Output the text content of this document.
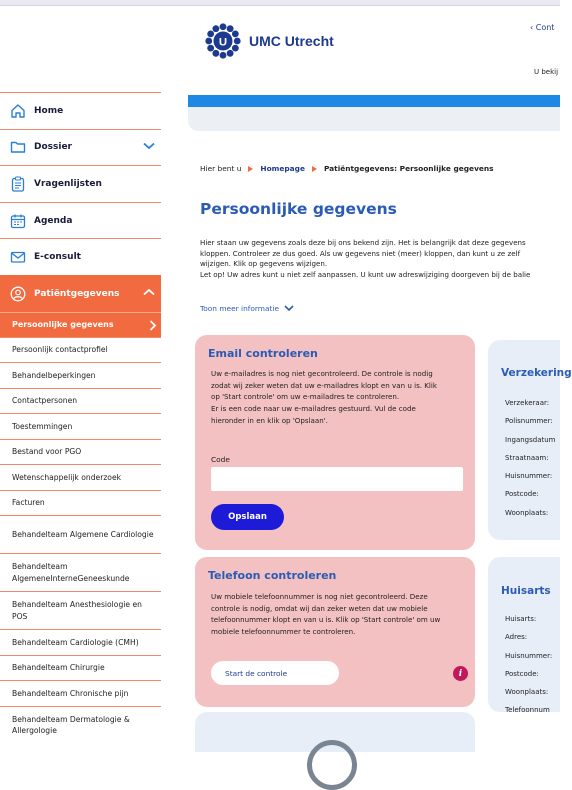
U UMC Utrecht
‹ Cont
U bekij
Home
Dossier
Vragenlijsten
Agenda
E-consult
Patiëntgegevens
Persoonlijke gegevens
Persoonlijk contactprofiel
Behandelbeperkingen
Contactpersonen
Toestemmingen
Bestand voor PGO
Wetenschappelijk onderzoek
Facturen
Behandelteam Algemene Cardiologie
Behandelteam AlgemeneInterneGeneeskunde
Behandelteam Anesthesiologie en POS
Behandelteam Cardiologie (CMH)
Behandelteam Chirurgie
Behandelteam Chronische pijn
Behandelteam Dermatologie & Allergologie
Hier bent u	Homepage	Patiëntgegevens: Persoonlijke gegevens
Persoonlijke gegevens

Hier staan uw gegevens zoals deze bij ons bekend zijn. Het is belangrijk dat deze gegevens

kloppen. Controleer ze dus goed. Als uw gegevens niet (meer) kloppen, dan kunt u ze zelf

wijzigen. Klik op gegevens wijzigen.

Let op! Uw adres kunt u niet zelf aanpassen. U kunt uw adreswijziging doorgeven bij de balie

Toon meer informatie
Email controleren
Uw e-mailadres is nog niet gecontroleerd. De controle is nodig
zodat wij zeker weten dat uw e-mailadres klopt en van u is. Klik
op 'Start controle' om uw e-mailadres te controleren.
Er is een code naar uw e-mailadres gestuurd. Vul de code
hieronder in en klik op 'Opslaan'.
Code
Opslaan
Telefoon controleren
Uw mobiele telefoonnummer is nog niet gecontroleerd. Deze
controle is nodig, omdat wij dan zeker weten dat uw mobiele
telefoonnummer klopt en van u is. Klik op 'Start controle' om uw
mobiele telefoonnummer te controleren.
Start de controle	i
Verzekering
Verzekeraar:
Polisnummer:
Ingangsdatum
Straatnaam:
Huisnummer:
Postcode:
Woonplaats:
Huisarts
Huisarts:
Adres:
Huisnummer:
Postcode:
Woonplaats:
Telefoonnum
